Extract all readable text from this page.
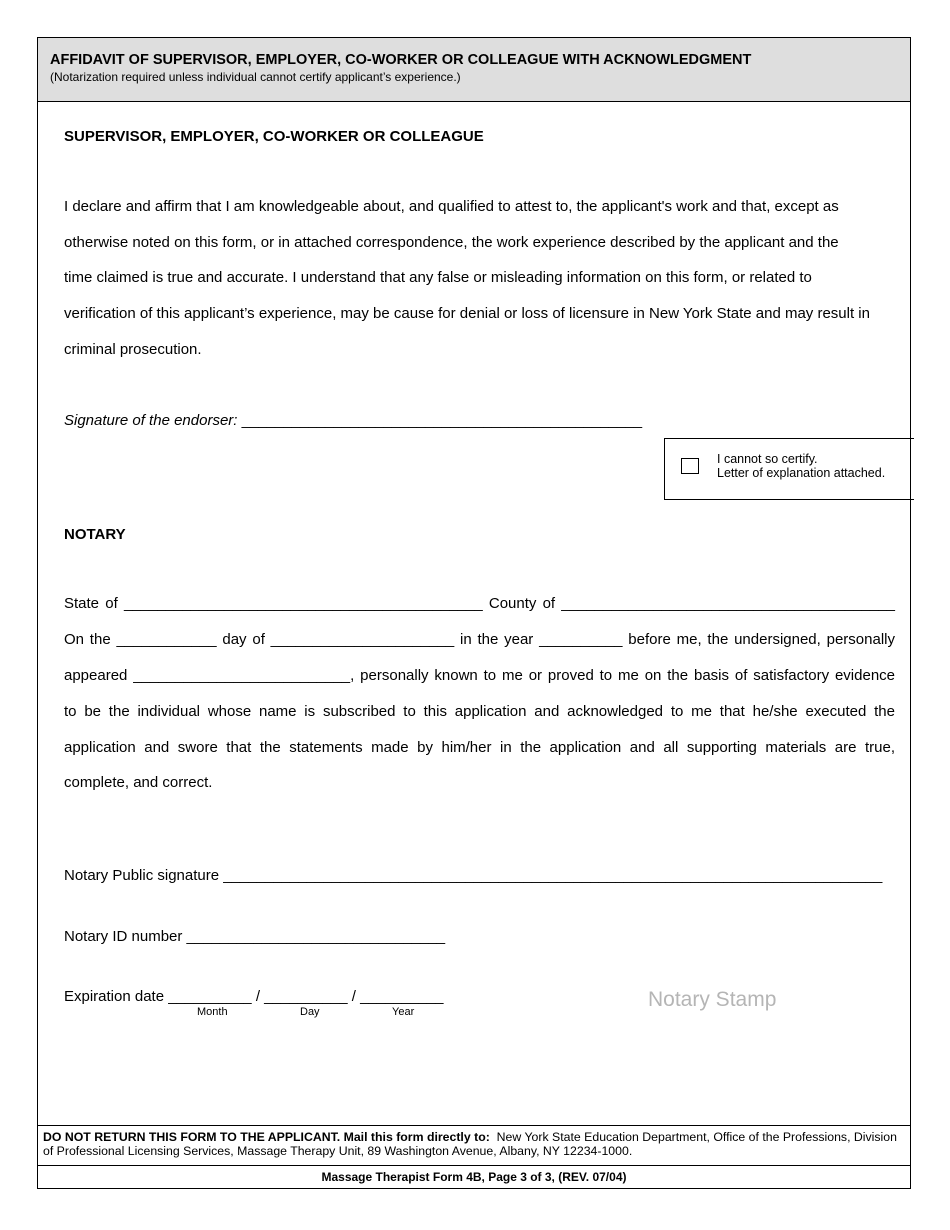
AFFIDAVIT OF SUPERVISOR, EMPLOYER, CO-WORKER OR COLLEAGUE WITH ACKNOWLEDGMENT
(Notarization required unless individual cannot certify applicant’s experience.)
SUPERVISOR, EMPLOYER, CO-WORKER OR COLLEAGUE
I declare and affirm that I am knowledgeable about, and qualified to attest to, the applicant's work and that, except as
otherwise noted on this form, or in attached correspondence, the work experience described by the applicant and the
time claimed is true and accurate. I understand that any false or misleading information on this form, or related to
verification of this applicant’s experience, may be cause for denial or loss of licensure in New York State and may result in
criminal prosecution.
Signature of the endorser: ________________________________________________
I cannot so certify.
Letter of explanation attached.
NOTARY
State of ___________________________________________ County of ________________________________________
On the ____________ day of ______________________ in the year __________ before me, the undersigned, personally
appeared __________________________, personally known to me or proved to me on the basis of satisfactory evidence
to be the individual whose name is subscribed to this application and acknowledged to me that he/she executed the
application and swore that the statements made by him/her in the application and all supporting materials are true,
complete, and correct.
Notary Public signature _______________________________________________________________________________
Notary ID number _______________________________
Expiration date __________ / __________ / __________
Month	Day	Year
Notary Stamp
DO NOT RETURN THIS FORM TO THE APPLICANT. Mail this form directly to: New York State Education Department, Office of the Professions, Division of Professional Licensing Services, Massage Therapy Unit, 89 Washington Avenue, Albany, NY 12234-1000.
Massage Therapist Form 4B, Page 3 of 3, (REV. 07/04)
